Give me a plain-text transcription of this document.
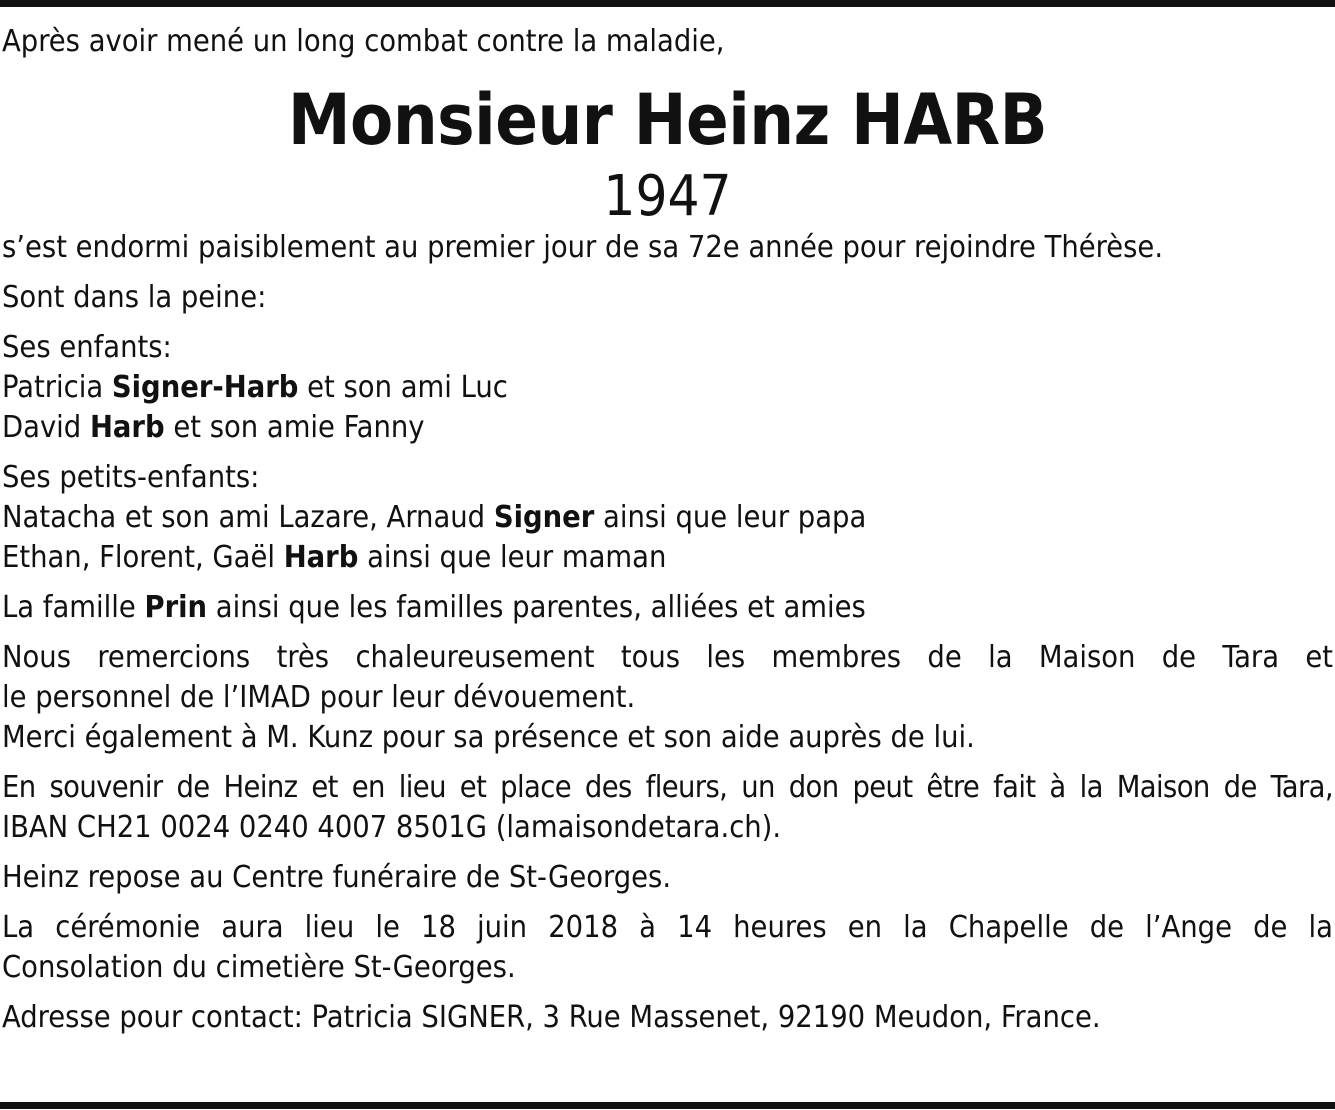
Après avoir mené un long combat contre la maladie,
Monsieur Heinz HARB
1947
s’est endormi paisiblement au premier jour de sa 72e année pour rejoindre Thérèse.
Sont dans la peine:
Ses enfants:
Patricia Signer-Harb et son ami Luc
David Harb et son amie Fanny
Ses petits-enfants:
Natacha et son ami Lazare, Arnaud Signer ainsi que leur papa
Ethan, Florent, Gaël Harb ainsi que leur maman
La famille Prin ainsi que les familles parentes, alliées et amies
Nous remercions très chaleureusement tous les membres de la Maison de Tara et
le personnel de l’IMAD pour leur dévouement.
Merci également à M. Kunz pour sa présence et son aide auprès de lui.
En souvenir de Heinz et en lieu et place des fleurs, un don peut être fait à la Maison de Tara,
IBAN CH21 0024 0240 4007 8501G (lamaisondetara.ch).
Heinz repose au Centre funéraire de St-Georges.
La cérémonie aura lieu le 18 juin 2018 à 14 heures en la Chapelle de l’Ange de la
Consolation du cimetière St-Georges.
Adresse pour contact: Patricia SIGNER, 3 Rue Massenet, 92190 Meudon, France.
